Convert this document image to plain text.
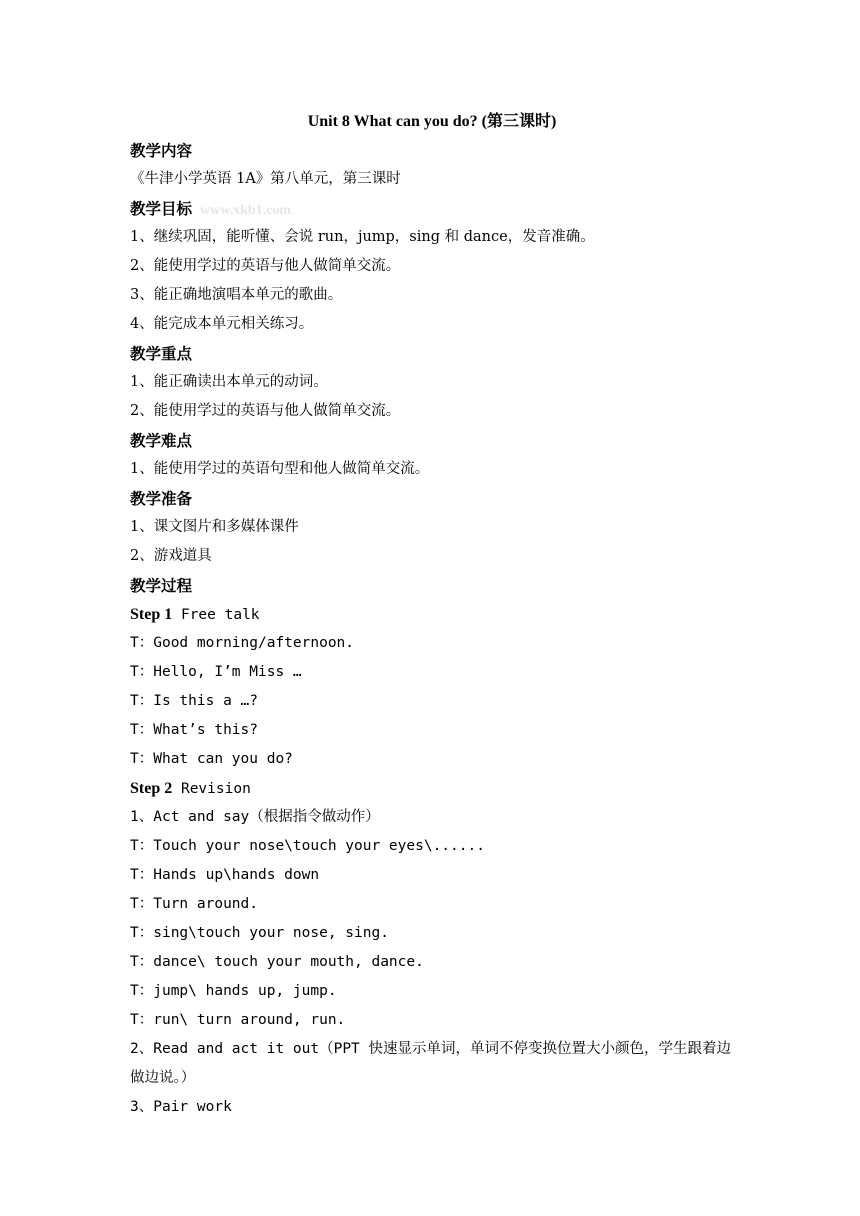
Unit 8 What can you do? (第三课时)
教学内容
《牛津小学英语 1A》第八单元，第三课时
教学目标 www.xkb1.com
1、继续巩固，能听懂、会说 run，jump，sing 和 dance，发音准确。
2、能使用学过的英语与他人做简单交流。
3、能正确地演唱本单元的歌曲。
4、能完成本单元相关练习。
教学重点
1、能正确读出本单元的动词。
2、能使用学过的英语与他人做简单交流。
教学难点
1、能使用学过的英语句型和他人做简单交流。
教学准备
1、课文图片和多媒体课件
2、游戏道具
教学过程
Step 1 Free talk
T：Good morning/afternoon.
T：Hello, I’m Miss …
T：Is this a …?
T：What’s this?
T：What can you do?
Step 2 Revision
1、Act and say（根据指令做动作）
T：Touch your nose\touch your eyes\......
T：Hands up\hands down
T：Turn around.
T：sing\touch your nose, sing.
T：dance\ touch your mouth, dance.
T：jump\ hands up, jump.
T：run\ turn around, run.
2、Read and act it out（PPT 快速显示单词，单词不停变换位置大小颜色，学生跟着边做边说。）
3、Pair work
